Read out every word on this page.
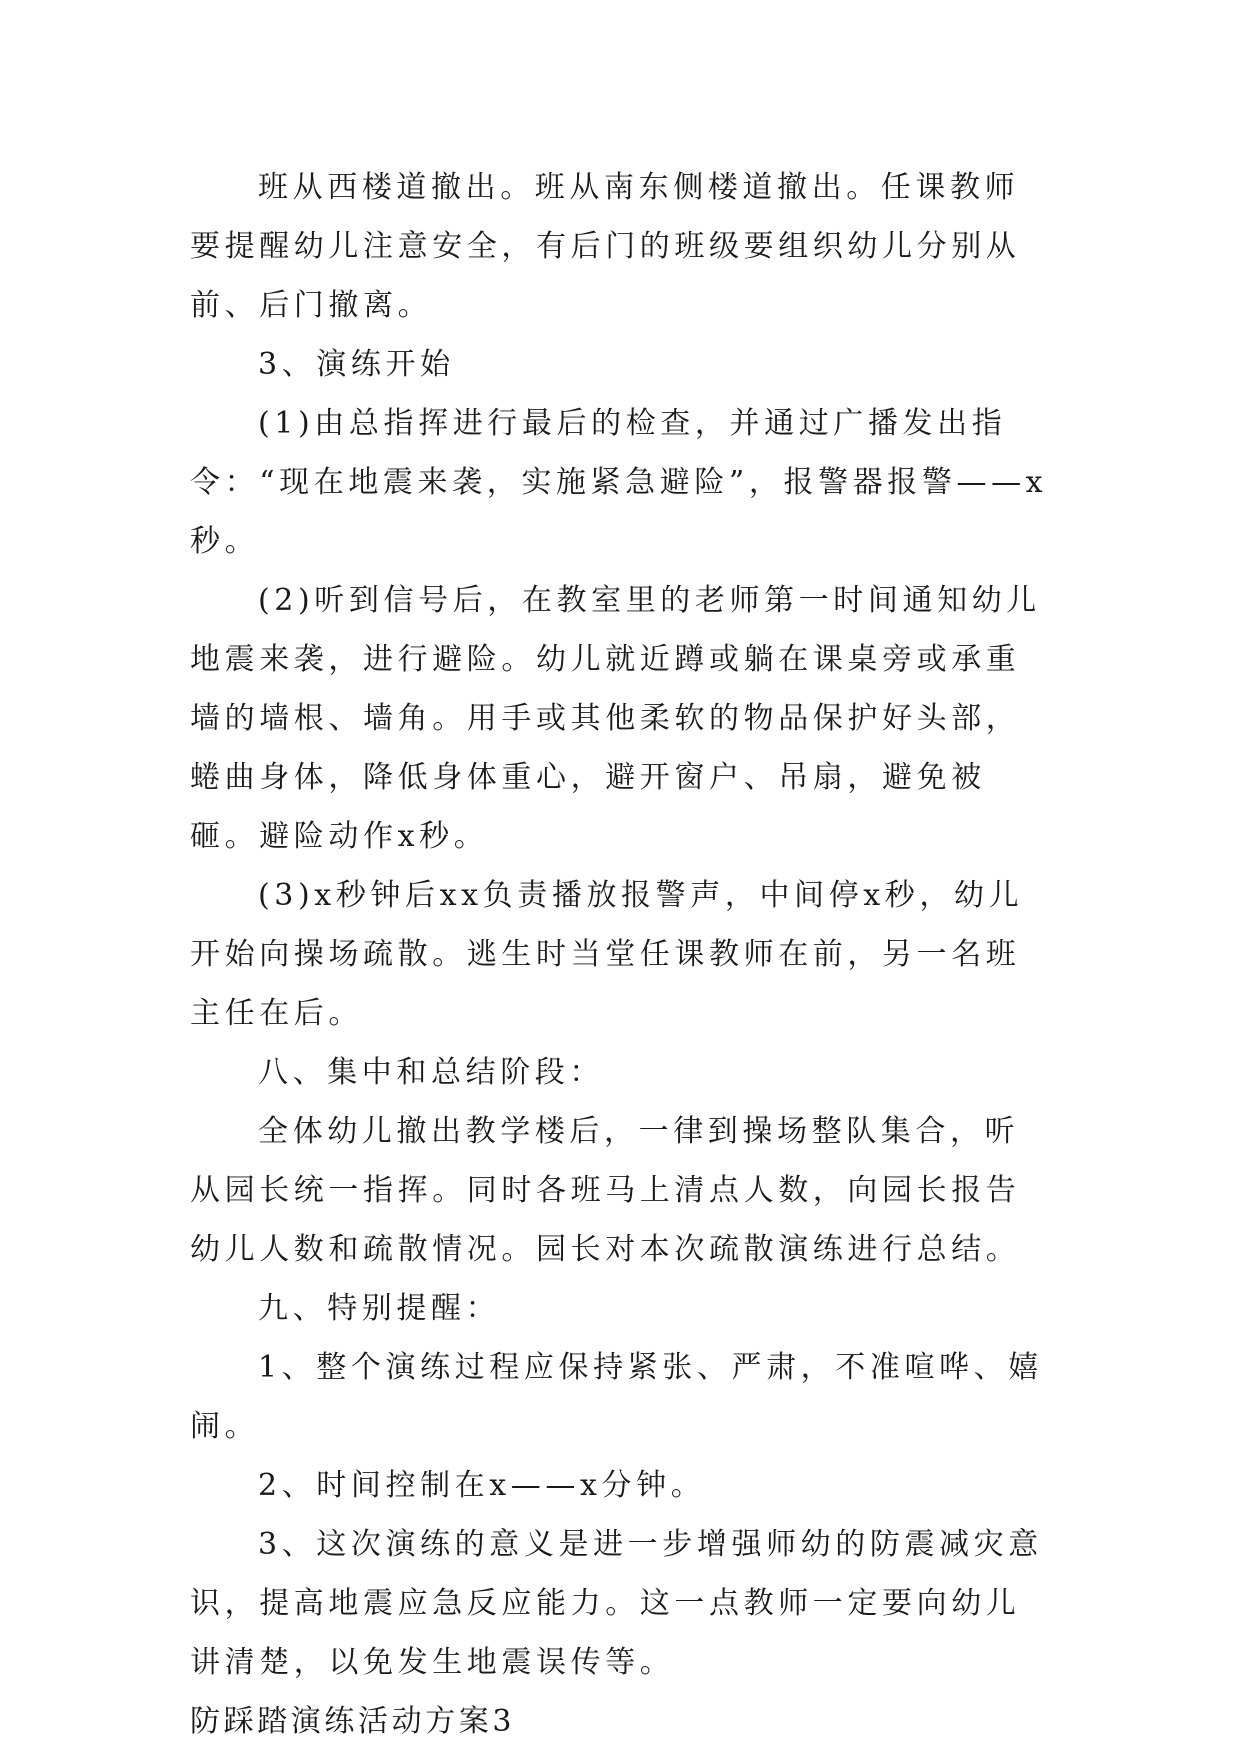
班从西楼道撤出。班从南东侧楼道撤出。任课教师要提醒幼儿注意安全，有后门的班级要组织幼儿分别从前、后门撤离。

3、演练开始

(1)由总指挥进行最后的检查，并通过广播发出指令：“现在地震来袭，实施紧急避险”，报警器报警——x秒。

(2)听到信号后，在教室里的老师第一时间通知幼儿地震来袭，进行避险。幼儿就近蹲或躺在课桌旁或承重墙的墙根、墙角。用手或其他柔软的物品保护好头部，蜷曲身体，降低身体重心，避开窗户、吊扇，避免被砸。避险动作x秒。

(3)x秒钟后xx负责播放报警声，中间停x秒，幼儿开始向操场疏散。逃生时当堂任课教师在前，另一名班主任在后。

八、集中和总结阶段：

全体幼儿撤出教学楼后，一律到操场整队集合，听从园长统一指挥。同时各班马上清点人数，向园长报告幼儿人数和疏散情况。园长对本次疏散演练进行总结。

九、特别提醒：

1、整个演练过程应保持紧张、严肃，不准喧哗、嬉闹。

2、时间控制在x——x分钟。

3、这次演练的意义是进一步增强师幼的防震减灾意识，提高地震应急反应能力。这一点教师一定要向幼儿讲清楚，以免发生地震误传等。

防踩踏演练活动方案3
